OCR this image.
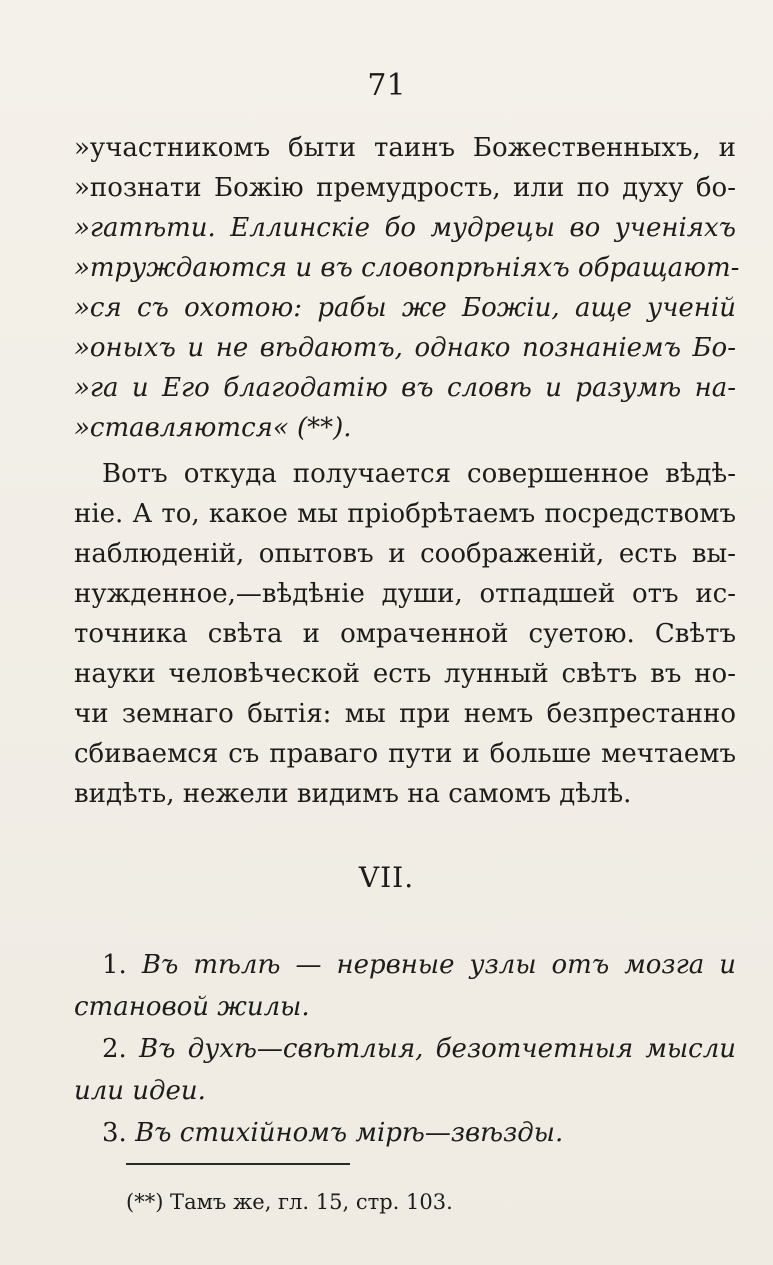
71

»участникомъ быти таинъ Божественныхъ, и
»познати Божію премудрость, или по духу бо-
»гатѣти. Еллинскіе бо мудрецы во ученіяхъ
»труждаются и въ словопрѣніяхъ обращают-
»ся съ охотою: рабы же Божіи, аще ученій
»оныхъ и не вѣдаютъ, однако познаніемъ Бо-
»га и Его благодатію въ словѣ и разумѣ на-
»ставляются« (**).
Вотъ откуда получается совершенное вѣдѣ-
ніе. А то, какое мы пріобрѣтаемъ посредствомъ
наблюденій, опытовъ и соображеній, есть вы-
нужденное,—вѣдѣніе души, отпадшей отъ ис-
точника свѣта и омраченной суетою. Свѣтъ
науки человѣческой есть лунный свѣтъ въ но-
чи земнаго бытія: мы при немъ безпрестанно
сбиваемся съ праваго пути и больше мечтаемъ
видѣть, нежели видимъ на самомъ дѣлѣ.

VII.

1. Въ тѣлѣ — нервные узлы отъ мозга и
становой жилы.
2. Въ духѣ—свѣтлыя, безотчетныя мысли
или идеи.
3. Въ стихійномъ мірѣ—звѣзды.

(**) Тамъ же, гл. 15, стр. 103.
